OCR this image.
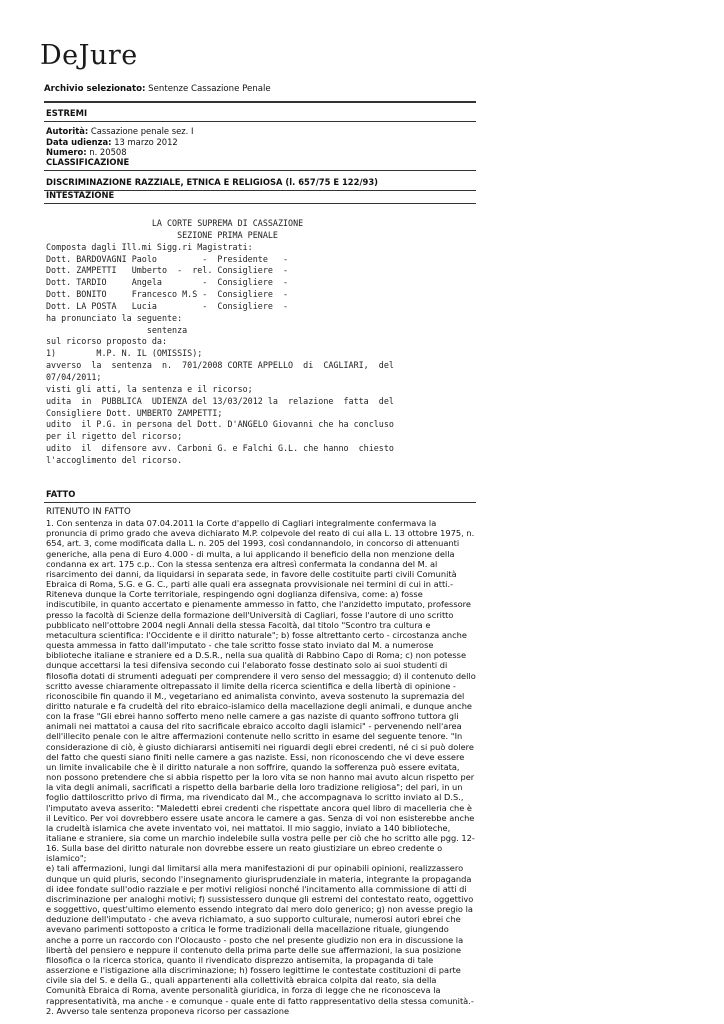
DeJure
Archivio selezionato: Sentenze Cassazione Penale
ESTREMI
Autorità: Cassazione penale sez. I
Data udienza: 13 marzo 2012
Numero: n. 20508
CLASSIFICAZIONE
DISCRIMINAZIONE RAZZIALE, ETNICA E RELIGIOSA (l. 657/75 E 122/93)
INTESTAZIONE
LA CORTE SUPREMA DI CASSAZIONE
SEZIONE PRIMA PENALE
Composta dagli Ill.mi Sigg.ri Magistrati:
Dott. BARDOVAGNI Paolo         -  Presidente   -
Dott. ZAMPETTI   Umberto  -  rel. Consigliere  -
Dott. TARDIO     Angela        -  Consigliere  -
Dott. BONITO     Francesco M.S -  Consigliere  -
Dott. LA POSTA   Lucia         -  Consigliere  -
ha pronunciato la seguente:
sentenza
sul ricorso proposto da:
1)        M.P. N. IL (OMISSIS);
avverso  la  sentenza  n.  701/2008 CORTE APPELLO  di  CAGLIARI,  del
07/04/2011;
visti gli atti, la sentenza e il ricorso;
udita  in  PUBBLICA  UDIENZA del 13/03/2012 la  relazione  fatta  del
Consigliere Dott. UMBERTO ZAMPETTI;
udito  il P.G. in persona del Dott. D'ANGELO Giovanni che ha concluso
per il rigetto del ricorso;
udito  il  difensore avv. Carboni G. e Falchi G.L. che hanno  chiesto
l'accoglimento del ricorso.
FATTO
RITENUTO IN FATTO

1. Con sentenza in data 07.04.2011 la Corte d'appello di Cagliari integralmente confermava la pronuncia di primo grado che aveva dichiarato M.P. colpevole del reato di cui alla L. 13 ottobre 1975, n. 654, art. 3, come modificata dalla L. n. 205 del 1993, così condannandolo, in concorso di attenuanti generiche, alla pena di Euro 4.000 - di multa, a lui applicando il beneficio della non menzione della condanna ex art. 175 c.p.. Con la stessa sentenza era altresì confermata la condanna del M. al risarcimento dei danni, da liquidarsi in separata sede, in favore delle costituite parti civili Comunità Ebraica di Roma, S.G. e G. C., parti alle quali era assegnata provvisionale nei termini di cui in atti.- Riteneva dunque la Corte territoriale, respingendo ogni doglianza difensiva, come: a) fosse indiscutibile, in quanto accertato e pienamente ammesso in fatto, che l'anzidetto imputato, professore presso la facoltà di Scienze della formazione dell'Università di Cagliari, fosse l'autore di uno scritto pubblicato nell'ottobre 2004 negli Annali della stessa Facoltà, dal titolo "Scontro tra cultura e metacultura scientifica: l'Occidente e il diritto naturale"; b) fosse altrettanto certo - circostanza anche questa ammessa in fatto dall'imputato - che tale scritto fosse stato inviato dal M. a numerose biblioteche italiane e straniere ed a D.S.R., nella sua qualità di Rabbino Capo di Roma; c) non potesse dunque accettarsi la tesi difensiva secondo cui l'elaborato fosse destinato solo ai suoi studenti di filosofia dotati di strumenti adeguati per comprendere il vero senso del messaggio; d) il contenuto dello scritto avesse chiaramente oltrepassato il limite della ricerca scientifica e della libertà di opinione - riconoscibile fin quando il M., vegetariano ed animalista convinto, aveva sostenuto la supremazia del diritto naturale e fa crudeltà del rito ebraico-islamico della macellazione degli animali, e dunque anche con la frase "Gli ebrei hanno sofferto meno nelle camere a gas naziste di quanto soffrono tuttora gli animali nei mattatoi a causa del rito sacrificale ebraico accolto dagli islamici" - pervenendo nell'area dell'illecito penale con le altre affermazioni contenute nello scritto in esame del seguente tenore. "In considerazione di ciò, è giusto dichiararsi antisemiti nei riguardi degli ebrei credenti, né ci si può dolere del fatto che questi siano finiti nelle camere a gas naziste. Essi, non riconoscendo che vi deve essere un limite invalicabile che è il diritto naturale a non soffrire, quando la sofferenza può essere evitata, non possono pretendere che si abbia rispetto per la loro vita se non hanno mai avuto alcun rispetto per la vita degli animali, sacrificati a rispetto della barbarie della loro tradizione religiosa"; del pari, in un foglio dattiloscritto privo di firma, ma rivendicato dal M., che accompagnava lo scritto inviato al D.S., l'imputato aveva asserito: "Maledetti ebrei credenti che rispettate ancora quel libro di macelleria che è il Levitico. Per voi dovrebbero essere usate ancora le camere a gas. Senza di voi non esisterebbe anche la crudeltà islamica che avete inventato voi, nei mattatoi. Il mio saggio, inviato a 140 biblioteche, italiane e straniere, sia come un marchio indelebile sulla vostra pelle per ciò che ho scritto alle pgg. 12-16. Sulla base del diritto naturale non dovrebbe essere un reato giustiziare un ebreo credente o islamico";
e) tali affermazioni, lungi dal limitarsi alla mera manifestazioni di pur opinabili opinioni, realizzassero dunque un quid pluris, secondo l'insegnamento giurisprudenziale in materia, integrante la propaganda di idee fondate sull'odio razziale e per motivi religiosi nonché l'incitamento alla commissione di atti di discriminazione per analoghi motivi; f) sussistessero dunque gli estremi del contestato reato, oggettivo e soggettivo, quest'ultimo elemento essendo integrato dal mero dolo generico; g) non avesse pregio la deduzione dell'imputato - che aveva richiamato, a suo supporto culturale, numerosi autori ebrei che avevano parimenti sottoposto a critica le forme tradizionali della macellazione rituale, giungendo anche a porre un raccordo con l'Olocausto - posto che nel presente giudizio non era in discussione la libertà del pensiero e neppure il contenuto della prima parte delle sue affermazioni, la sua posizione filosofica o la ricerca storica, quanto il rivendicato disprezzo antisemita, la propaganda di tale asserzione e l'istigazione alla discriminazione; h) fossero legittime le contestate costituzioni di parte civile sia del S. e della G., quali appartenenti alla collettività ebraica colpita dal reato, sia della Comunità Ebraica di Roma, avente personalità giuridica, in forza di legge che ne riconosceva la rappresentatività, ma anche - e comunque - quale ente di fatto rappresentativo della stessa comunità.- 2. Avverso tale sentenza proponeva ricorso per cassazione
